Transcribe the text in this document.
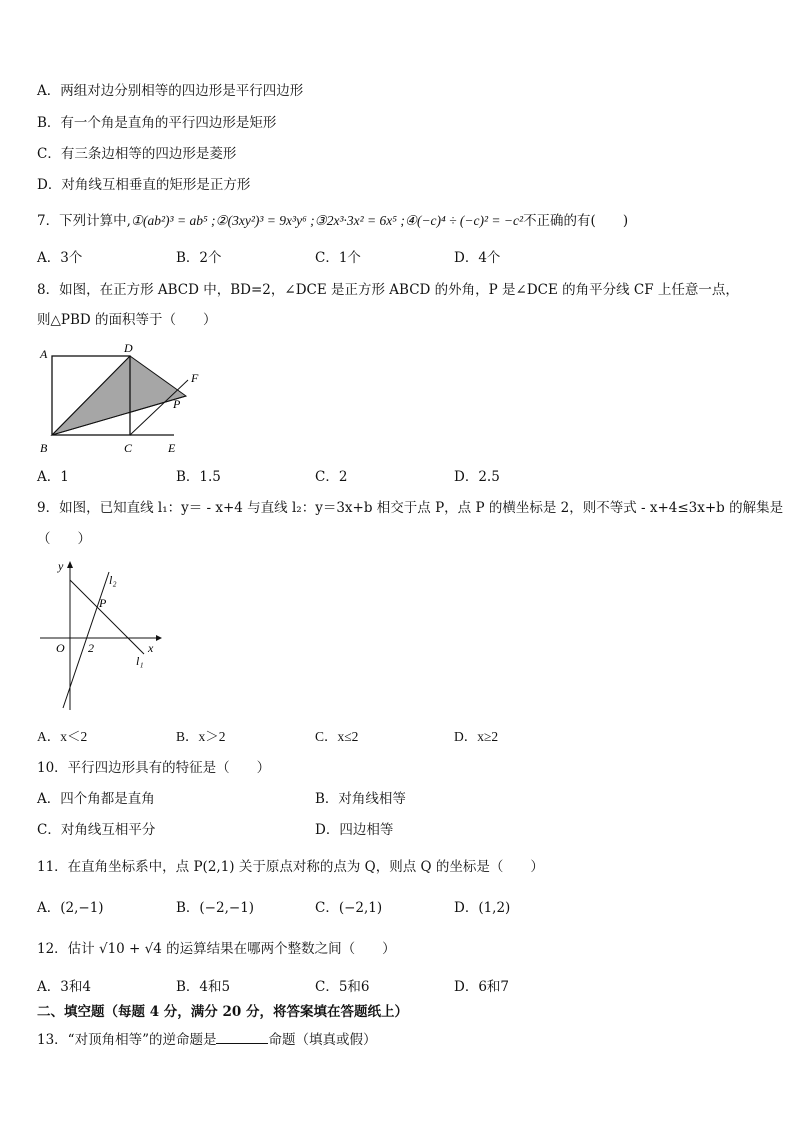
A．两组对边分别相等的四边形是平行四边形
B．有一个角是直角的平行四边形是矩形
C．有三条边相等的四边形是菱形
D．对角线互相垂直的矩形是正方形
7．下列计算中,①(ab²)³ = ab⁵ ;②(3xy²)³ = 9x³y⁶ ;③2x³·3x² = 6x⁵ ;④(−c)⁴ ÷ (−c)² = −c²不正确的有(　　)
A．3个	B．2个	C．1个	D．4个
8．如图，在正方形 ABCD 中，BD=2，∠DCE 是正方形 ABCD 的外角，P 是∠DCE 的角平分线 CF 上任意一点，
则△PBD 的面积等于（　　）
A	D
F
P
B	C	E
A．1	B．1.5	C．2	D．2.5
9．如图，已知直线 l₁：y＝ - x+4 与直线 l₂：y＝3x+b 相交于点 P，点 P 的横坐标是 2，则不等式 - x+4≤3x+b 的解集是
（　　）
y
l₂
P
O 2	x
l₁
A．x＜2	B．x＞2	C．x≤2	D．x≥2
10．平行四边形具有的特征是（　　）
A．四个角都是直角	B．对角线相等
C．对角线互相平分	D．四边相等
11．在直角坐标系中，点 P(2,1) 关于原点对称的点为 Q，则点 Q 的坐标是（　　）
A．(2,−1)	B．(−2,−1)	C．(−2,1)	D．(1,2)
12．估计 √10 + √4 的运算结果在哪两个整数之间（　　）
A．3和4	B．4和5	C．5和6	D．6和7
二、填空题（每题 4 分，满分 20 分，将答案填在答题纸上）
13．“对顶角相等”的逆命题是	命题（填真或假）
